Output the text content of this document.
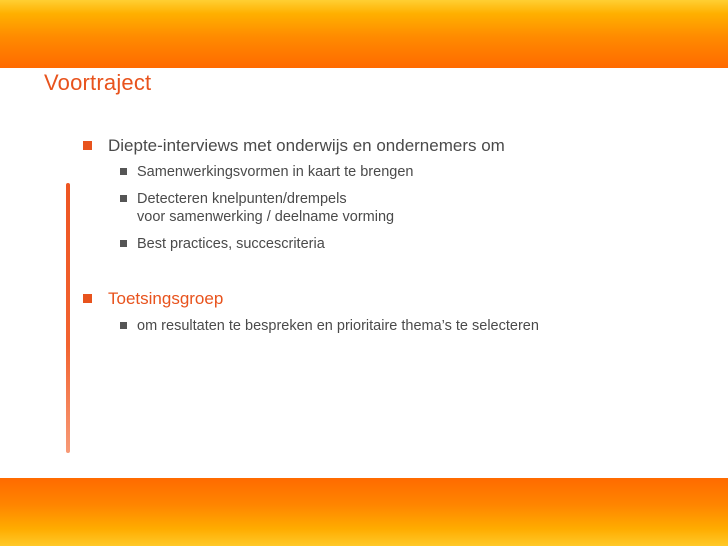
Voortraject
Diepte-interviews met onderwijs en ondernemers om
Samenwerkingsvormen in kaart te brengen
Detecteren knelpunten/drempels
voor samenwerking / deelname vorming
Best practices, succescriteria
Toetsingsgroep
om resultaten te bespreken en prioritaire thema’s te selecteren
